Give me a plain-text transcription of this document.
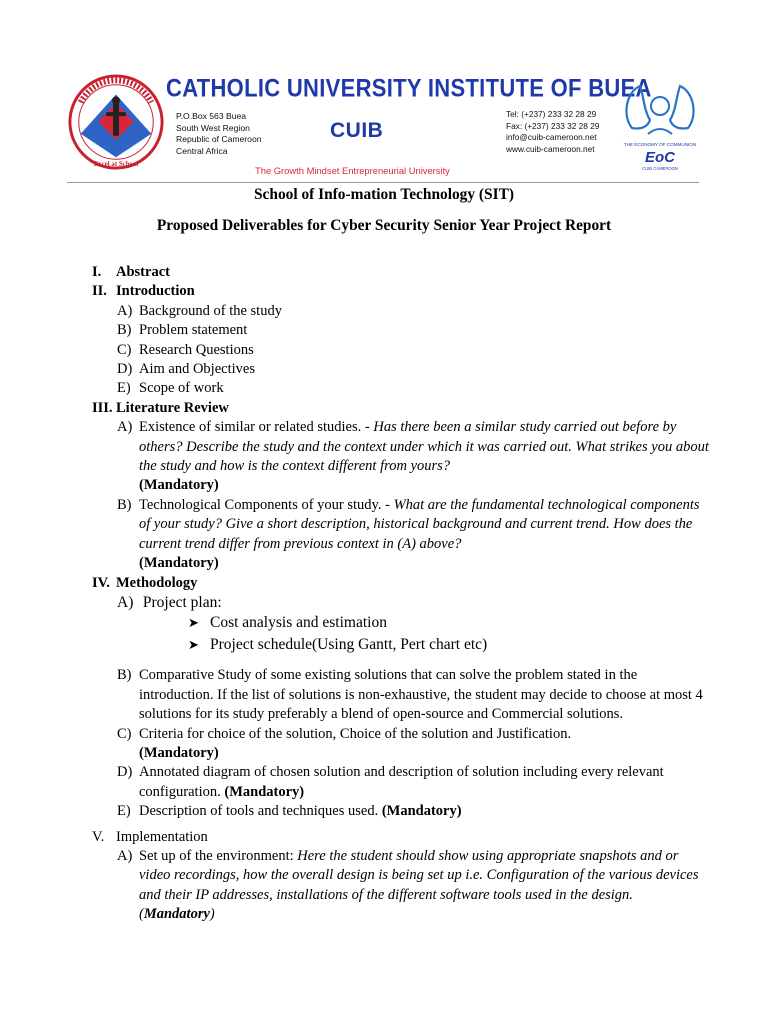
Excel at School
CATHOLIC UNIVERSITY INSTITUTE OF BUEA
P.O.Box 563 Buea
South West Region
Republic of Cameroon
Central Africa
CUIB
Tel: (+237) 233 32 28 29
Fax: (+237) 233 32 28 29
info@cuib-cameroon.net
www.cuib-cameroon.net	THE ECONOMY OF COMMUNION
EoC
CUIB CAMEROON
The Growth Mindset Entrepreneurial University
School of Info-mation Technology (SIT)
Proposed Deliverables for Cyber Security Senior Year Project Report
I. Abstract
II. Introduction
A) Background of the study
B) Problem statement
C) Research Questions
D) Aim and Objectives
E) Scope of work
III. Literature Review
A) Existence of similar or related studies. - Has there been a similar study carried out before by others? Describe the study and the context under which it was carried out. What strikes you about the study and how is the context different from yours?
(Mandatory)
B) Technological Components of your study. - What are the fundamental technological components of your study? Give a short description, historical background and current trend. How does the current trend differ from previous context in (A) above?
(Mandatory)
IV. Methodology
A) Project plan:
➤ Cost analysis and estimation
➤ Project schedule(Using Gantt, Pert chart etc)
B) Comparative Study of some existing solutions that can solve the problem stated in the introduction. If the list of solutions is non-exhaustive, the student may decide to choose at most 4 solutions for its study preferably a blend of open-source and Commercial solutions.
C) Criteria for choice of the solution, Choice of the solution and Justification.
(Mandatory)
D) Annotated diagram of chosen solution and description of solution including every relevant configuration. (Mandatory)
E) Description of tools and techniques used. (Mandatory)
V. Implementation
A) Set up of the environment: Here the student should show using appropriate snapshots and or video recordings, how the overall design is being set up i.e. Configuration of the various devices and their IP addresses, installations of the different software tools used in the design. (Mandatory)
